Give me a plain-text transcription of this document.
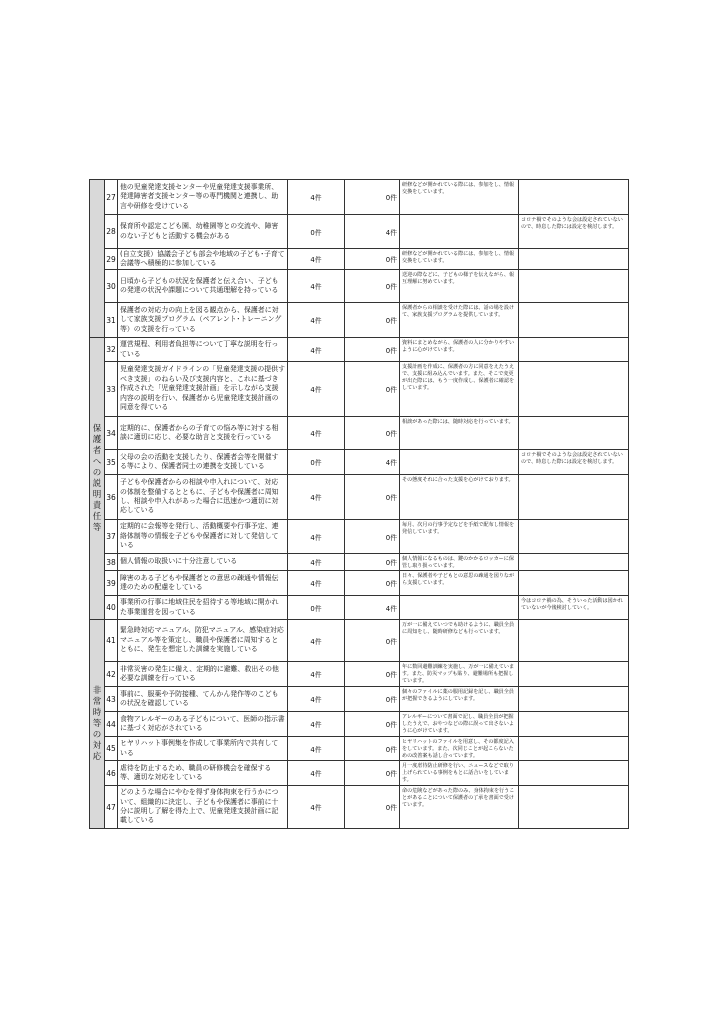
	27	他の児童発達支援センターや児童発達支援事業所、発達障害者支援センター等の専門機関と連携し、助言や研修を受けている	4件	0件	研修などが開かれている際には、参加をし、情報交換をしています。	
	28	保育所や認定こども園、幼稚園等との交流や、障害のない子どもと活動する機会がある	0件	4件		コロナ禍でそのような会は設定されていないので、時息した際には設定を検討します。
	29	(自立支援）協議会子ども部会や地域の子ども･子育て会議等へ積極的に参加している	4件	0件	研修などが開かれている際には、参加をし、情報交換をしています。	
	30	日頃から子どもの状況を保護者と伝え合い、子どもの発達の状況や課題について共通理解を持っている	4件	0件	送迎の際などに、子どもの様子を伝えながら、報互理解に努めています。	
	31	保護者の対応力の向上を図る観点から、保護者に対して家族支援プログラム（ペアレント･トレーニング等）の支援を行っている	4件	0件	保護者からの相談を受けた際には、話の場を設けて、家族支援プログラムを提供しています。	

保護者への説明責任等	32	運営規程、利用者負担等について丁寧な説明を行っている	4件	0件	資料にまとめながら、保護者の人に分かりやすいように心がけています。	
	33	児童発達支援ガイドラインの「児童発達支援の提供すべき支援」のねらい及び支援内容と、これに基づき作成された「児童発達支援計画」を示しながら支援内容の説明を行い、保護者から児童発達支援計画の同意を得ている	4件	0件	支援計画を作成に、保護者の方に同意をえたうえで、支援に組み込んでいます。また、そこで変更が出た際には、もう一度作成し、保護者に確認をしています。	
	34	定期的に、保護者からの子育ての悩み等に対する相談に適切に応じ、必要な助言と支援を行っている	4件	0件	相談があった際には、随時対応を行っています。	
	35	父母の会の活動を支援したり、保護者会等を開催する等により、保護者同士の連携を支援している	0件	4件		コロナ禍でそのような会は設定されていないので、時息した際には設定を検討します。
	36	子どもや保護者からの相談や申入れについて、対応の体制を整備するとともに、子どもや保護者に周知し、相談や申入れがあった場合に迅速かつ適切に対応している	4件	0件	その態度それに合った支援を心がけております。	
	37	定期的に会報等を発行し、活動概要や行事予定、連絡体制等の情報を子どもや保護者に対して発信している	4件	0件	毎月、次月の行事予定などを手紙で配布し情報を発信しています。	
	38	個人情報の取扱いに十分注意している	4件	0件	個人情報になるものは、鍵のかかるロッカーに保管し取り扱っています。	
	39	障害のある子どもや保護者との意思の疎通や情報伝達のための配慮をしている	4件	0件	日々、保護者や子どもとの意思の疎通を図りながら支援しています。	
	40	事業所の行事に地域住民を招待する等地域に開かれた事業運営を図っている	0件	4件		今はコロナ禍の為、そういった活動は図かれていないが今後検討していく。

非常時等の対応	41	緊急時対応マニュアル、防犯マニュアル、感染症対応マニュアル等を策定し、職員や保護者に周知するとともに、発生を想定した訓練を実施している	4件	0件	万が一に備えていつでも助けるように、職員全員に周知をし、随時研修なども行っています。	
	42	非常災害の発生に備え、定期的に避難、救出その他必要な訓練を行っている	4件	0件	年に数回避難訓練を実施し、万が一に備えています。また、防災マップも貼り、避難場所も把握しています。	
	43	事前に、服薬や予防接種、てんかん発作等のこどもの状況を確認している	4件	0件	個々のファイルに薬の服用記録を記し、職員全員が把握できるようにしています。	
	44	食物アレルギーのある子どもについて、医師の指示書に基づく対応がされている	4件	0件	アレルギーについて書面で記し、職員全員が把握したうえで、おやつなどの際に誤って出さないように心がけています。	
	45	ヒヤリハット事例集を作成して事業所内で共有している	4件	0件	ヒヤリハットのファイルを用意し、その都度記入をしています。また、次同じことが起こらないための改善案も話し合っています。	
	46	虐待を防止するため、職員の研修機会を確保する等、適切な対応をしている	4件	0件	月一度虐待防止研修を行い、ニュースなどで取り上げられている事例をもとに話合いをしています。	
	47	どのような場合にやむを得ず身体拘束を行うかについて、組織的に決定し、子どもや保護者に事前に十分に説明し了解を得た上で、児童発達支援計画に記載している	4件	0件	命の危険などがあった際のみ、身体拘束を行うことがあることについて保護者の了承を書面で受けています。	
